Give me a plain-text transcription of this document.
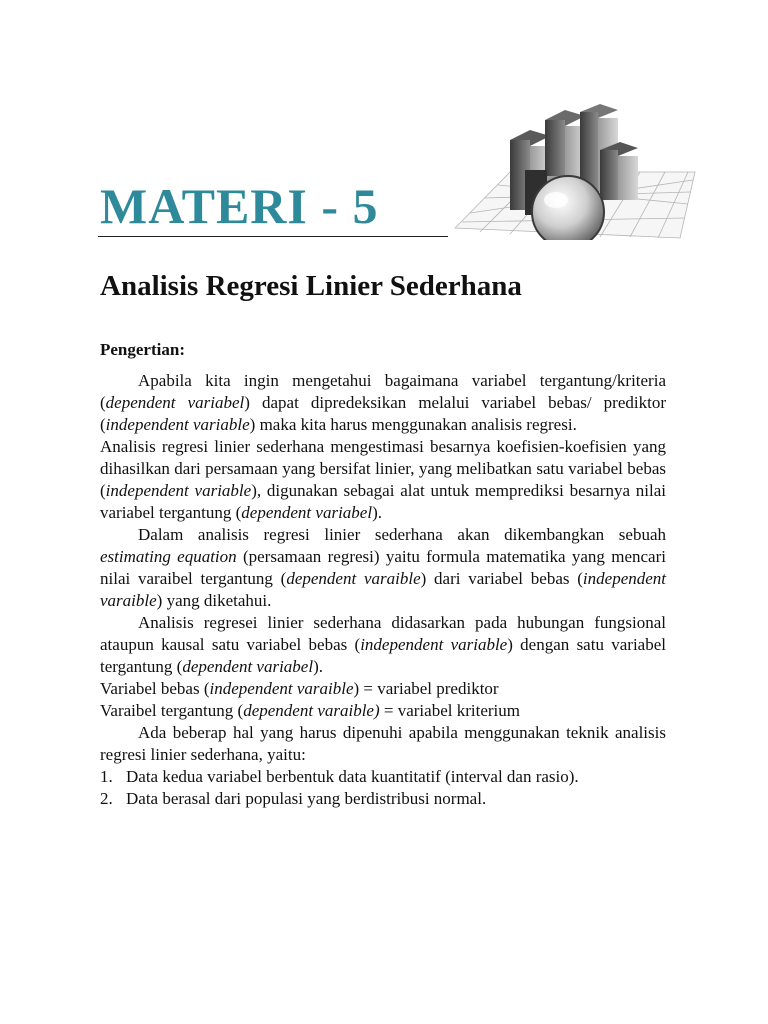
MATERI - 5
Analisis Regresi Linier Sederhana
Pengertian:

Apabila kita ingin mengetahui bagaimana variabel tergantung/kriteria (dependent variabel) dapat dipredeksikan melalui variabel bebas/ prediktor (independent variable) maka kita harus menggunakan analisis regresi.

Analisis regresi linier sederhana mengestimasi besarnya koefisien-koefisien yang dihasilkan dari persamaan yang bersifat linier, yang melibatkan satu variabel bebas (independent variable), digunakan sebagai alat untuk memprediksi besarnya nilai variabel tergantung (dependent variabel).

Dalam analisis regresi linier sederhana akan dikembangkan sebuah estimating equation (persamaan regresi) yaitu formula matematika yang mencari nilai varaibel tergantung (dependent varaible) dari variabel bebas (independent varaible) yang diketahui.

Analisis regresei linier sederhana didasarkan pada hubungan fungsional ataupun kausal satu variabel bebas (independent variable) dengan satu variabel tergantung (dependent variabel).

Variabel bebas (independent varaible) = variabel prediktor

Varaibel tergantung (dependent varaible) = variabel kriterium

Ada beberap hal yang harus dipenuhi apabila menggunakan teknik analisis regresi linier sederhana, yaitu:

1. Data kedua variabel berbentuk data kuantitatif (interval dan rasio).
2. Data berasal dari populasi yang berdistribusi normal.
